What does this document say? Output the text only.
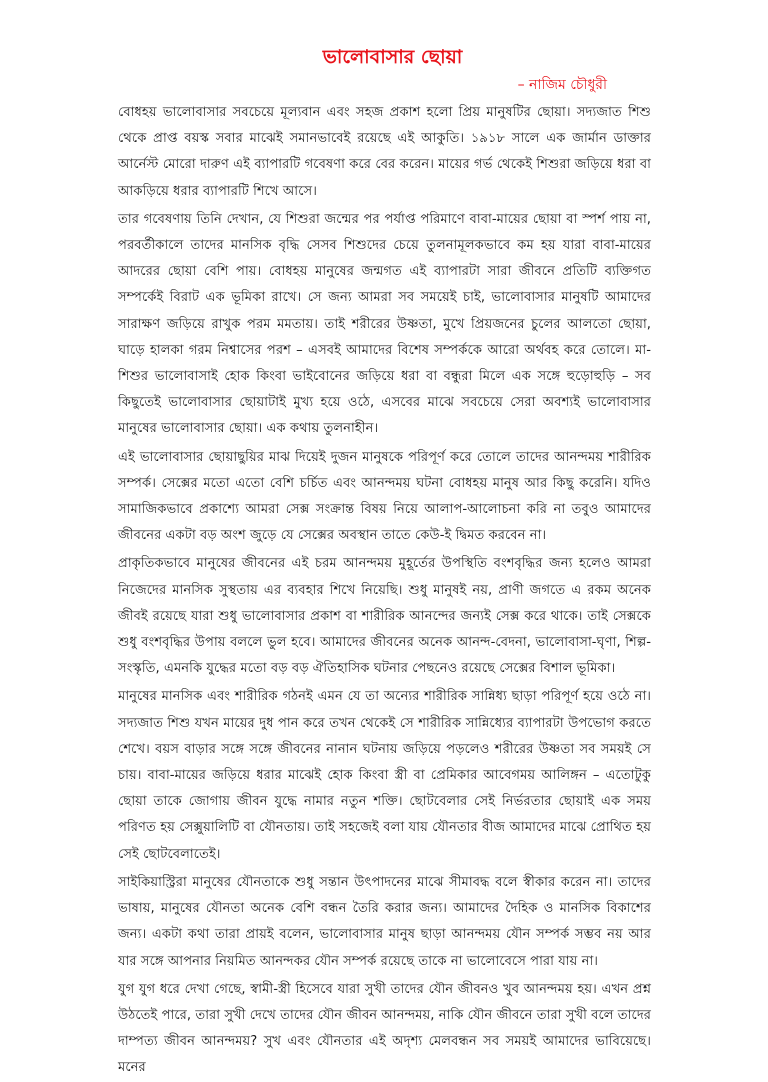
ভালোবাসার ছোয়া
– নাজিম চৌধুরী

বোধহয় ভালোবাসার সবচেয়ে মূল্যবান এবং সহজ প্রকাশ হলো প্রিয় মানুষটির ছোয়া। সদ্যজাত শিশু থেকে প্রাপ্ত বয়স্ক সবার মাঝেই সমানভাবেই রয়েছে এই আকুতি। ১৯১৮ সালে এক জার্মান ডাক্তার আর্নেস্ট মোরো দারুণ এই ব্যাপারটি গবেষণা করে বের করেন। মায়ের গর্ভ থেকেই শিশুরা জড়িয়ে ধরা বা আকড়িয়ে ধরার ব্যাপারটি শিখে আসে।

তার গবেষণায় তিনি দেখান, যে শিশুরা জন্মের পর পর্যাপ্ত পরিমাণে বাবা-মায়ের ছোয়া বা স্পর্শ পায় না, পরবর্তীকালে তাদের মানসিক বৃদ্ধি সেসব শিশুদের চেয়ে তুলনামূলকভাবে কম হয় যারা বাবা-মায়ের আদরের ছোয়া বেশি পায়। বোধহয় মানুষের জন্মগত এই ব্যাপারটা সারা জীবনে প্রতিটি ব্যক্তিগত সম্পর্কেই বিরাট এক ভূমিকা রাখে। সে জন্য আমরা সব সময়েই চাই, ভালোবাসার মানুষটি আমাদের সারাক্ষণ জড়িয়ে রাখুক পরম মমতায়। তাই শরীরের উষ্ণতা, মুখে প্রিয়জনের চুলের আলতো ছোয়া, ঘাড়ে হালকা গরম নিশ্বাসের পরশ – এসবই আমাদের বিশেষ সম্পর্ককে আরো অর্থবহ করে তোলে। মা-শিশুর ভালোবাসাই হোক কিংবা ভাইবোনের জড়িয়ে ধরা বা বন্ধুরা মিলে এক সঙ্গে হুড়োহুড়ি – সব কিছুতেই ভালোবাসার ছোয়াটাই মুখ্য হয়ে ওঠে, এসবের মাঝে সবচেয়ে সেরা অবশ্যই ভালোবাসার মানুষের ভালোবাসার ছোয়া। এক কথায় তুলনাহীন।

এই ভালোবাসার ছোয়াছুয়ির মাঝ দিয়েই দুজন মানুষকে পরিপূর্ণ করে তোলে তাদের আনন্দময় শারীরিক সম্পর্ক। সেক্সের মতো এতো বেশি চর্চিত এবং আনন্দময় ঘটনা বোধহয় মানুষ আর কিছু করেনি। যদিও সামাজিকভাবে প্রকাশ্যে আমরা সেক্স সংক্রান্ত বিষয় নিয়ে আলাপ-আলোচনা করি না তবুও আমাদের জীবনের একটা বড় অংশ জুড়ে যে সেক্সের অবস্থান তাতে কেউ-ই দ্বিমত করবেন না।

প্রাকৃতিকভাবে মানুষের জীবনের এই চরম আনন্দময় মুহূর্তের উপস্থিতি বংশবৃদ্ধির জন্য হলেও আমরা নিজেদের মানসিক সুস্থতায় এর ব্যবহার শিখে নিয়েছি। শুধু মানুষই নয়, প্রাণী জগতে এ রকম অনেক জীবই রয়েছে যারা শুধু ভালোবাসার প্রকাশ বা শারীরিক আনন্দের জন্যই সেক্স করে থাকে। তাই সেক্সকে শুধু বংশবৃদ্ধির উপায় বললে ভুল হবে। আমাদের জীবনের অনেক আনন্দ-বেদনা, ভালোবাসা-ঘৃণা, শিল্প-সংস্কৃতি, এমনকি যুদ্ধের মতো বড় বড় ঐতিহাসিক ঘটনার পেছনেও রয়েছে সেক্সের বিশাল ভূমিকা।

মানুষের মানসিক এবং শারীরিক গঠনই এমন যে তা অন্যের শারীরিক সান্নিধ্য ছাড়া পরিপূর্ণ হয়ে ওঠে না। সদ্যজাত শিশু যখন মায়ের দুধ পান করে তখন থেকেই সে শারীরিক সান্নিধ্যের ব্যাপারটা উপভোগ করতে শেখে। বয়স বাড়ার সঙ্গে সঙ্গে জীবনের নানান ঘটনায় জড়িয়ে পড়লেও শরীরের উষ্ণতা সব সময়ই সে চায়। বাবা-মায়ের জড়িয়ে ধরার মাঝেই হোক কিংবা স্ত্রী বা প্রেমিকার আবেগময় আলিঙ্গন – এতোটুকু ছোয়া তাকে জোগায় জীবন যুদ্ধে নামার নতুন শক্তি। ছোটবেলার সেই নির্ভরতার ছোয়াই এক সময় পরিণত হয় সেক্সুয়ালিটি বা যৌনতায়। তাই সহজেই বলা যায় যৌনতার বীজ আমাদের মাঝে প্রোথিত হয় সেই ছোটবেলাতেই।

সাইকিয়াস্ট্রিরা মানুষের যৌনতাকে শুধু সন্তান উৎপাদনের মাঝে সীমাবদ্ধ বলে স্বীকার করেন না। তাদের ভাষায়, মানুষের যৌনতা অনেক বেশি বন্ধন তৈরি করার জন্য। আমাদের দৈহিক ও মানসিক বিকাশের জন্য। একটা কথা তারা প্রায়ই বলেন, ভালোবাসার মানুষ ছাড়া আনন্দময় যৌন সম্পর্ক সম্ভব নয় আর যার সঙ্গে আপনার নিয়মিত আনন্দকর যৌন সম্পর্ক রয়েছে তাকে না ভালোবেসে পারা যায় না।

যুগ যুগ ধরে দেখা গেছে, স্বামী-স্ত্রী হিসেবে যারা সুখী তাদের যৌন জীবনও খুব আনন্দময় হয়। এখন প্রশ্ন উঠতেই পারে, তারা সুখী দেখে তাদের যৌন জীবন আনন্দময়, নাকি যৌন জীবনে তারা সুখী বলে তাদের দাম্পত্য জীবন আনন্দময়? সুখ এবং যৌনতার এই অদৃশ্য মেলবন্ধন সব সময়ই আমাদের ভাবিয়েছে। মনের
